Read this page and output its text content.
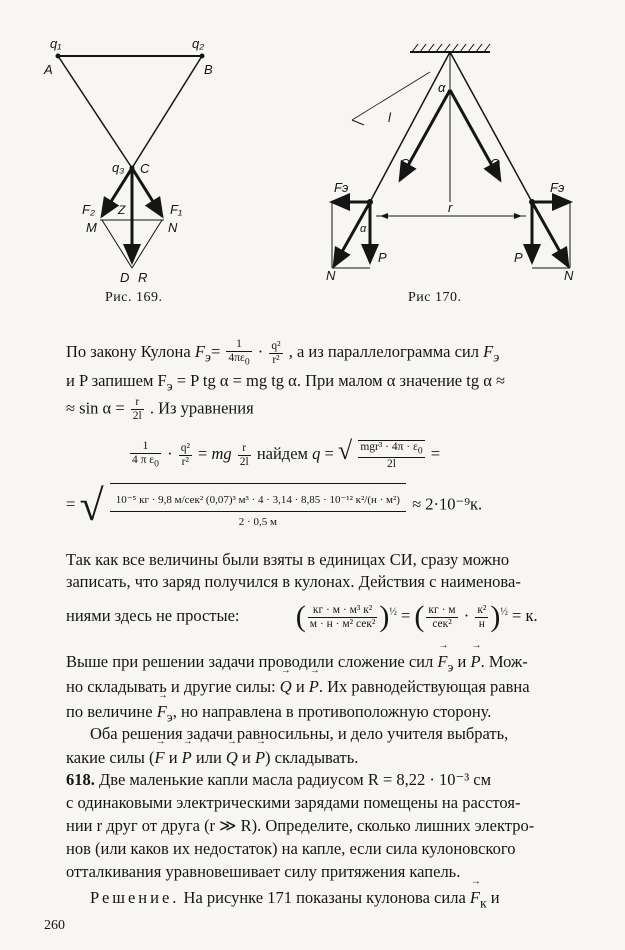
q₁	q₂
A	B
q₃ C
F₂	F₁
Z
M	N
D R
Рис. 169.
α
l
Q	Q
Fэ	Fэ
α
r
P	P
N	N
Рис 170.
По закону Кулона $F_э= \frac{1}{4\pi\varepsilon_0} \cdot \frac{\text{q²}}{\text{r²}}$ , а из параллелограмма сил $F_э$
и P запишем $F_э = P$ tg α = mg tg α. При малом α значение tg α ≈
≈ $\sin \alpha = \frac{r}{2l}$ . Из уравнения
$\frac{1}{4 \pi \varepsilon_0} \cdot \frac{\text{q²}}{\text{r²}}$ = mg $\frac{r}{2l}$ найдем q = √ $\frac{mgr^3 \cdot 4\pi \cdot \varepsilon_0}{2l}$ =
= √	10⁻⁵ кг · 9,8 м/сек² (0,07)³ м³ · 4 · 3,14 · 8,85 · 10⁻¹² к²/(н · м²)
2 · 0,5 м
≈ 2·10⁻⁹к.
Так как все величины были взяты в единицах СИ, сразу можно
записать, что заряд получился в кулонах. Действия с наименова-
ниями здесь не простые: ( $\frac{\text{кг · м · м³ к²}}{\text{м · н · м² сек²}} )^{\frac{1}{2}}$ = ( $\frac{кг \cdot м}{\text{сек²}} \cdot \frac{\text{к²}}{н} )^{\frac{1}{2}} = к$.
Выше при решении задачи проводили сложение сил → $F_э$ и → P. Мож-
но складывать и другие силы: → Q и → P. Их равнодействующая равна
по величине → $F_э$, но направлена в противоположную сторону.
Оба решения задачи равносильны, и дело учителя выбрать,
какие силы (→ F и → P или → Q и → P) складывать.
618. Две маленькие капли масла радиусом R = 8,22 · 10⁻³ см
с одинаковыми электрическими зарядами помещены на расстоя-
нии r друг от друга (r ≫ R). Определите, сколько лишних электро-
нов (или каков их недостаток) на капле, если сила кулоновского
отталкивания уравновешивает силу притяжения капель.
Решение. На рисунке 171 показаны кулонова сила → $F_к$ и
260
